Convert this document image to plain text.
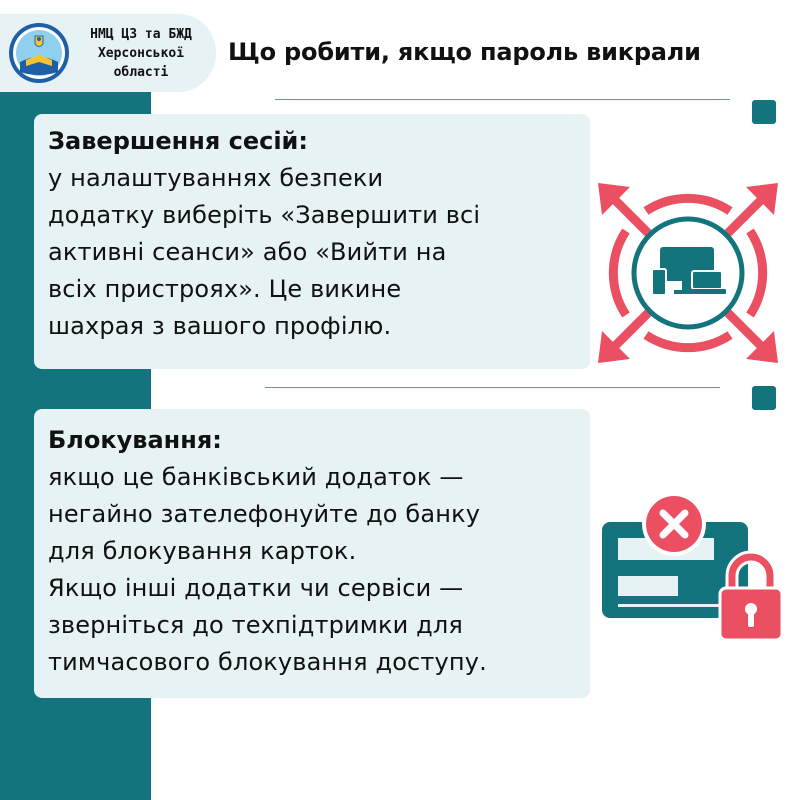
НМЦ ЦЗ та БЖД
Херсонської
області
Що робити, якщо пароль викрали
Завершення сесій:
у налаштуваннях безпеки
додатку виберіть «Завершити всі
активні сеанси» або «Вийти на
всіх пристроях». Це викине
шахрая з вашого профілю.
Блокування:
якщо це банківський додаток —
негайно зателефонуйте до банку
для блокування карток.
Якщо інші додатки чи сервіси —
зверніться до техпідтримки для
тимчасового блокування доступу.
